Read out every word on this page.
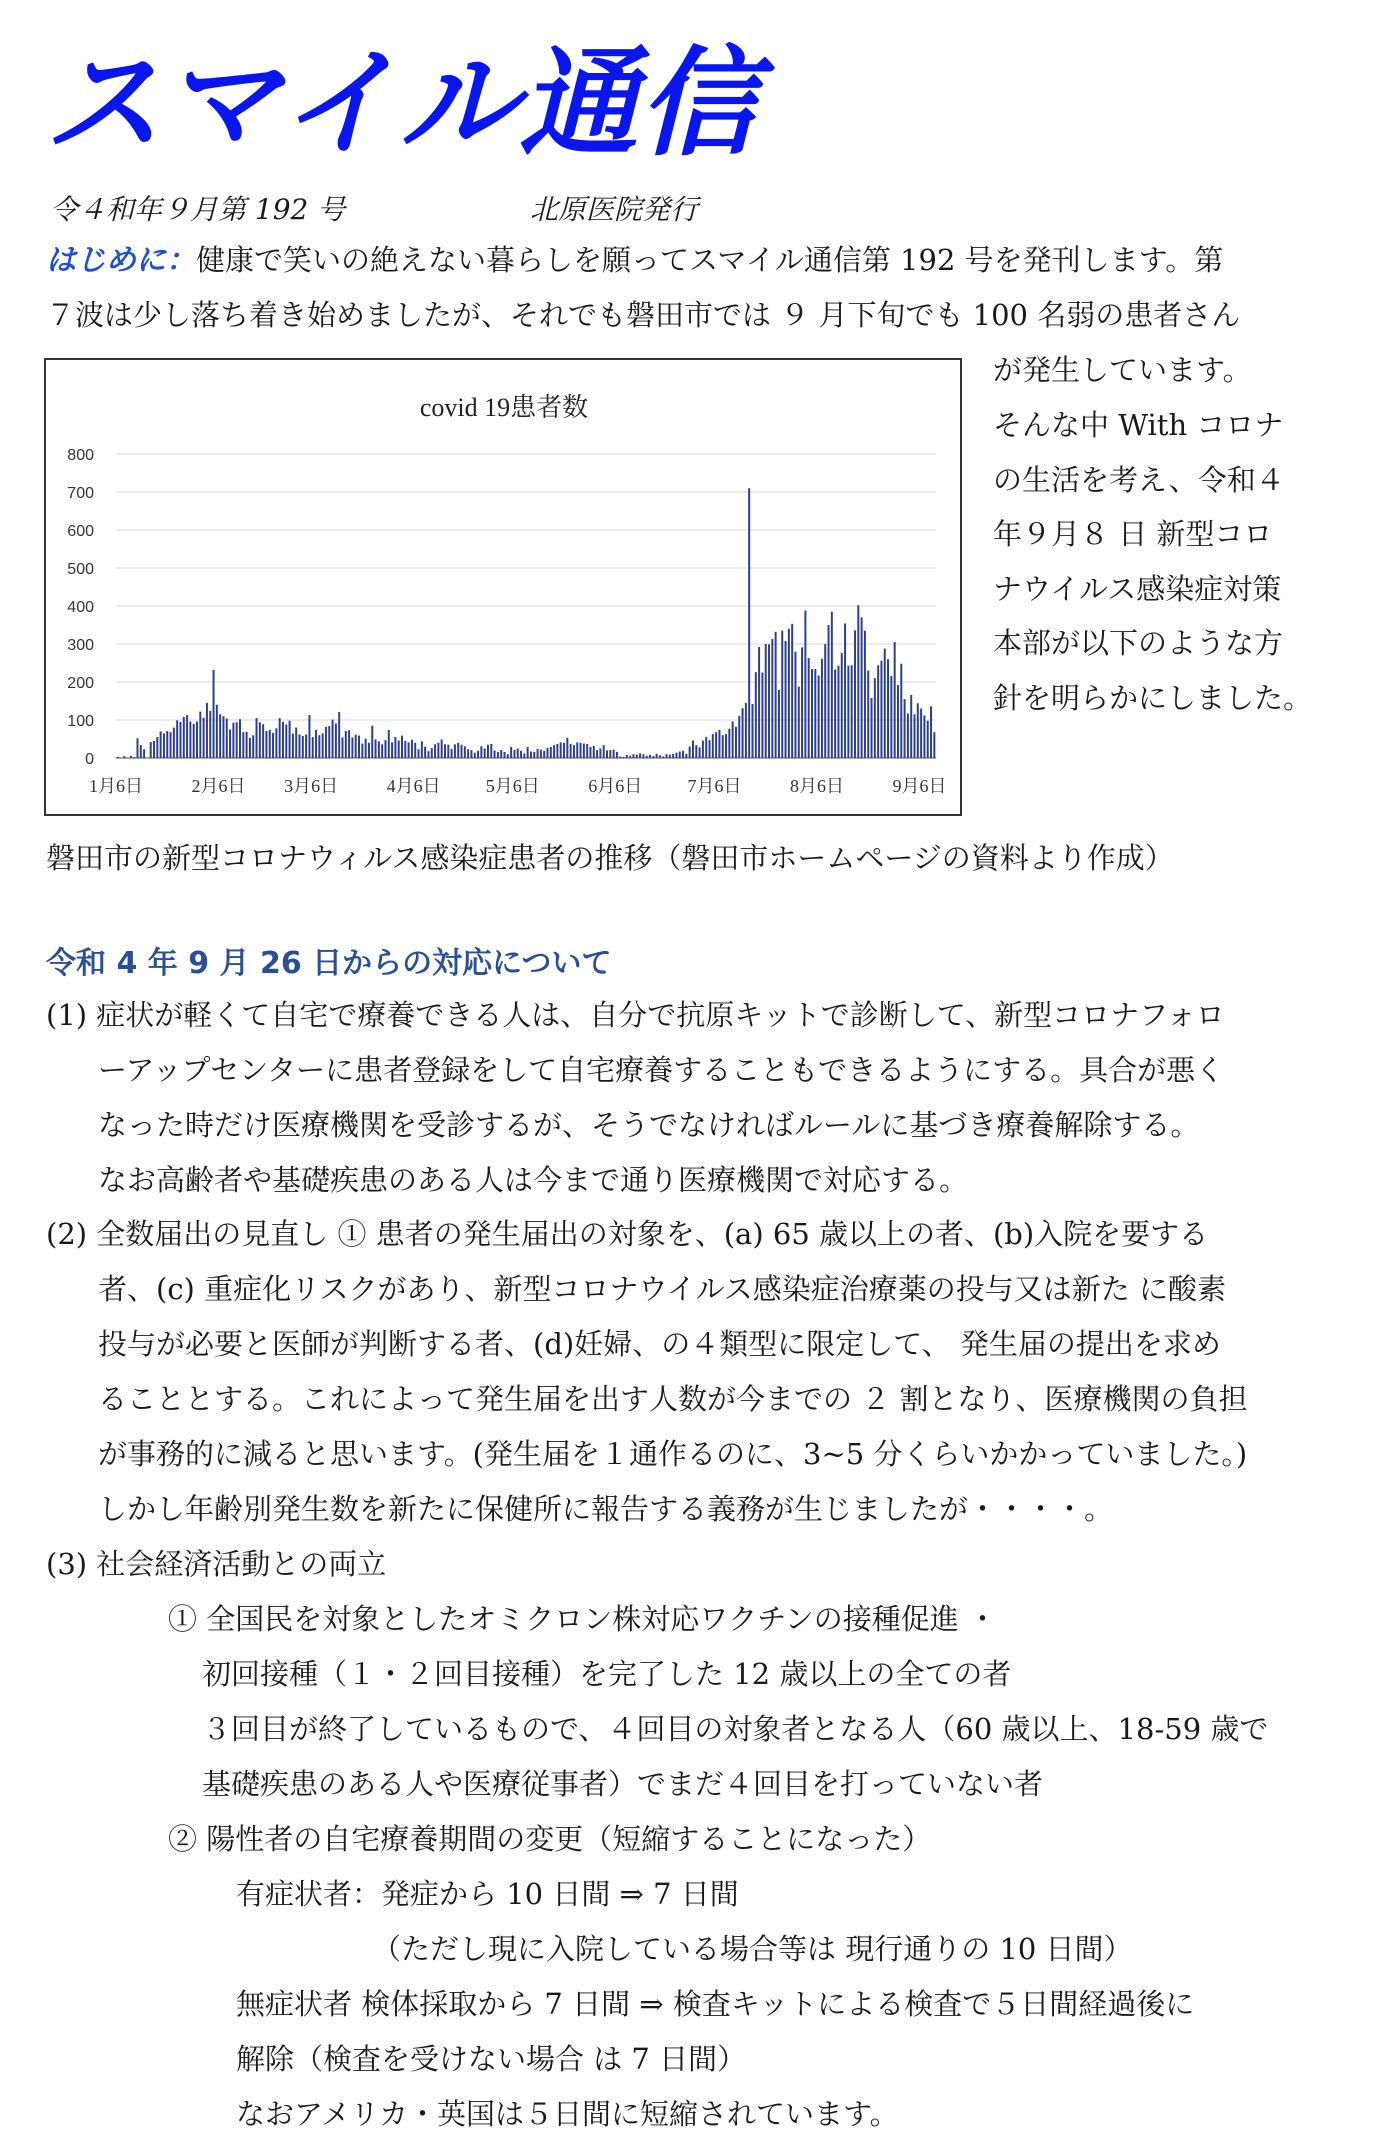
スマイル通信
令４和年９月第 192 号	北原医院発行
はじめに：健康で笑いの絶えない暮らしを願ってスマイル通信第 192 号を発刊します。第
７波は少し落ち着き始めましたが、それでも磐田市では ９ 月下旬でも 100 名弱の患者さん
が発生しています。
そんな中 With コロナ
の生活を考え、令和４
年９月８ 日 新型コロ
ナウイルス感染症対策
本部が以下のような方
針を明らかにしました。
covid 19患者数
0
100
200
300
400
500
600
700
800
1月6日	2月6日 3月6日	4月6日	5月6日	6月6日	7月6日	8月6日	9月6日
磐田市の新型コロナウィルス感染症患者の推移（磐田市ホームページの資料より作成）
令和 4 年 9 月 26 日からの対応について
(1) 症状が軽くて自宅で療養できる人は、自分で抗原キットで診断して、新型コロナフォロ
ーアップセンターに患者登録をして自宅療養することもできるようにする。具合が悪く
なった時だけ医療機関を受診するが、そうでなければルールに基づき療養解除する。
なお高齢者や基礎疾患のある人は今まで通り医療機関で対応する。
(2) 全数届出の見直し ① 患者の発生届出の対象を、(a) 65 歳以上の者、(b)入院を要する
者、(c) 重症化リスクがあり、新型コロナウイルス感染症治療薬の投与又は新た に酸素
投与が必要と医師が判断する者、(d)妊婦、の４類型に限定して、 発生届の提出を求め
ることとする。これによって発生届を出す人数が今までの ２ 割となり、医療機関の負担
が事務的に減ると思います。(発生届を１通作るのに、3~5 分くらいかかっていました。)
しかし年齢別発生数を新たに保健所に報告する義務が生じましたが・・・・。
(3) 社会経済活動との両立
① 全国民を対象としたオミクロン株対応ワクチンの接種促進 ・
初回接種（１・２回目接種）を完了した 12 歳以上の全ての者
３回目が終了しているもので、４回目の対象者となる人（60 歳以上、18-59 歳で
基礎疾患のある人や医療従事者）でまだ４回目を打っていない者
② 陽性者の自宅療養期間の変更（短縮することになった）
有症状者：発症から 10 日間 ⇒ 7 日間
（ただし現に入院している場合等は 現行通りの 10 日間）
無症状者 検体採取から 7 日間 ⇒ 検査キットによる検査で５日間経過後に
解除（検査を受けない場合 は 7 日間）
なおアメリカ・英国は５日間に短縮されています。
